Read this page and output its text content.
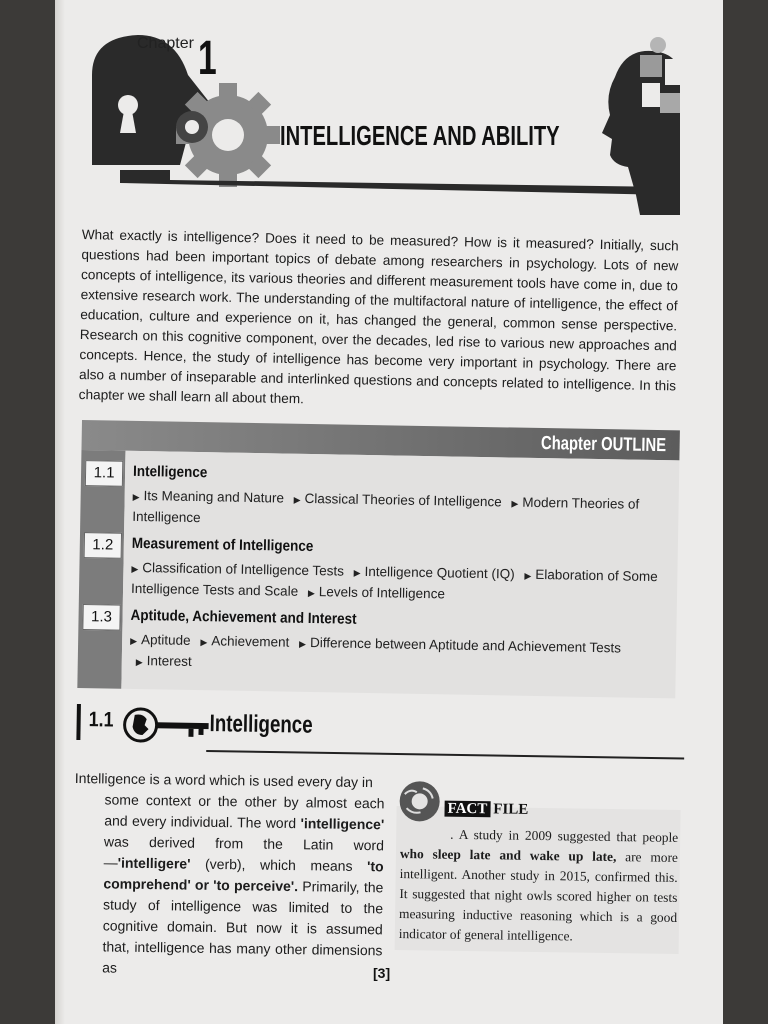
Chapter 1
INTELLIGENCE AND ABILITY
What exactly is intelligence? Does it need to be measured? How is it measured? Initially, such questions had been important topics of debate among researchers in psychology. Lots of new concepts of intelligence, its various theories and different measurement tools have come in, due to extensive research work. The understanding of the multifactoral nature of intelligence, the effect of education, culture and experience on it, has changed the general, common sense perspective. Research on this cognitive component, over the decades, led rise to various new approaches and concepts. Hence, the study of intelligence has become very important in psychology. There are also a number of inseparable and interlinked questions and concepts related to intelligence. In this chapter we shall learn all about them.
Chapter OUTLINE
1.1	Intelligence
▶ Its Meaning and Nature ▶ Classical Theories of Intelligence ▶ Modern Theories of Intelligence
1.2	Measurement of Intelligence
▶ Classification of Intelligence Tests ▶ Intelligence Quotient (IQ) ▶ Elaboration of Some Intelligence Tests and Scale ▶ Levels of Intelligence
1.3	Aptitude, Achievement and Interest
▶ Aptitude ▶ Achievement ▶ Difference between Aptitude and Achievement Tests ▶ Interest
1.1	Intelligence
Intelligence is a word which is used every day in
some context or the other by almost each and every individual. The word 'intelligence' was derived from the Latin word—'intelligere' (verb), which means 'to comprehend' or 'to perceive'. Primarily, the study of intelligence was limited to the cognitive domain. But now it is assumed that, intelligence has many other dimensions as
FACT FILE
. A study in 2009 suggested that people who sleep late and wake up late, are more intelligent. Another study in 2015, confirmed this. It suggested that night owls scored higher on tests measuring inductive reasoning which is a good indicator of general intelligence.
[3]
